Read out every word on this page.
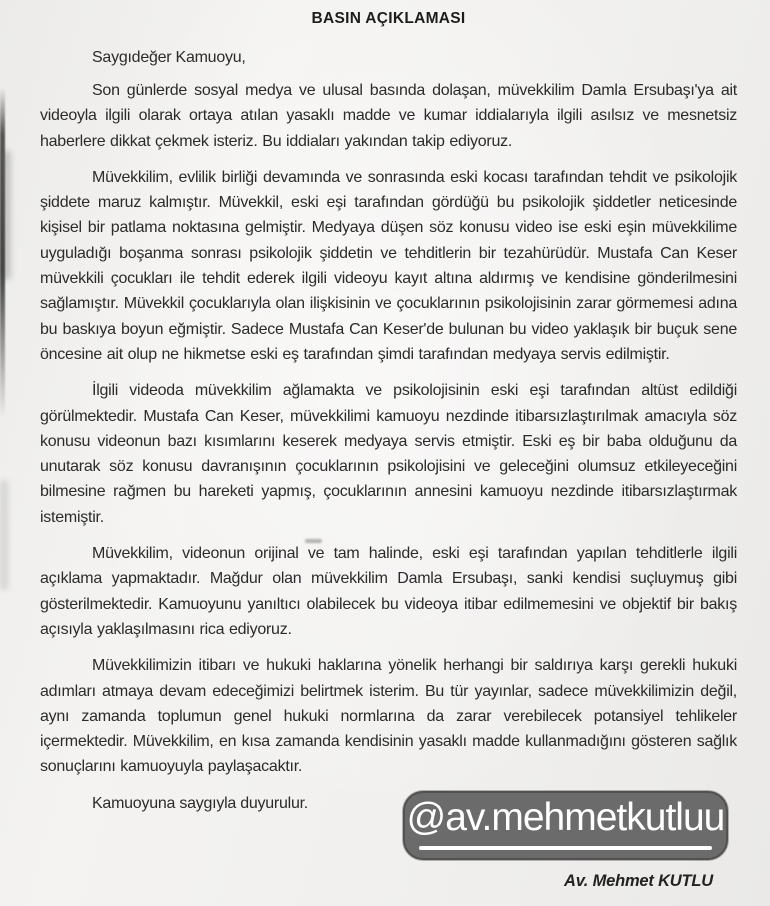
BASIN AÇIKLAMASI
Saygıdeğer Kamuoyu,

Son günlerde sosyal medya ve ulusal basında dolaşan, müvekkilim Damla Ersubaşı'ya ait videoyla ilgili olarak ortaya atılan yasaklı madde ve kumar iddialarıyla ilgili asılsız ve mesnetsiz haberlere dikkat çekmek isteriz. Bu iddiaları yakından takip ediyoruz.

Müvekkilim, evlilik birliği devamında ve sonrasında eski kocası tarafından tehdit ve psikolojik şiddete maruz kalmıştır. Müvekkil, eski eşi tarafından gördüğü bu psikolojik şiddetler neticesinde kişisel bir patlama noktasına gelmiştir. Medyaya düşen söz konusu video ise eski eşin müvekkilime uyguladığı boşanma sonrası psikolojik şiddetin ve tehditlerin bir tezahürüdür. Mustafa Can Keser müvekkili çocukları ile tehdit ederek ilgili videoyu kayıt altına aldırmış ve kendisine gönderilmesini sağlamıştır. Müvekkil çocuklarıyla olan ilişkisinin ve çocuklarının psikolojisinin zarar görmemesi adına bu baskıya boyun eğmiştir. Sadece Mustafa Can Keser'de bulunan bu video yaklaşık bir buçuk sene öncesine ait olup ne hikmetse eski eş tarafından şimdi tarafından medyaya servis edilmiştir.

İlgili videoda müvekkilim ağlamakta ve psikolojisinin eski eşi tarafından altüst edildiği görülmektedir. Mustafa Can Keser, müvekkilimi kamuoyu nezdinde itibarsızlaştırılmak amacıyla söz konusu videonun bazı kısımlarını keserek medyaya servis etmiştir. Eski eş bir baba olduğunu da unutarak söz konusu davranışının çocuklarının psikolojisini ve geleceğini olumsuz etkileyeceğini bilmesine rağmen bu hareketi yapmış, çocuklarının annesini kamuoyu nezdinde itibarsızlaştırmak istemiştir.

Müvekkilim, videonun orijinal ve tam halinde, eski eşi tarafından yapılan tehditlerle ilgili açıklama yapmaktadır. Mağdur olan müvekkilim Damla Ersubaşı, sanki kendisi suçluymuş gibi gösterilmektedir. Kamuoyunu yanıltıcı olabilecek bu videoya itibar edilmemesini ve objektif bir bakış açısıyla yaklaşılmasını rica ediyoruz.

Müvekkilimizin itibarı ve hukuki haklarına yönelik herhangi bir saldırıya karşı gerekli hukuki adımları atmaya devam edeceğimizi belirtmek isterim. Bu tür yayınlar, sadece müvekkilimizin değil, aynı zamanda toplumun genel hukuki normlarına da zarar verebilecek potansiyel tehlikeler içermektedir. Müvekkilim, en kısa zamanda kendisinin yasaklı madde kullanmadığını gösteren sağlık sonuçlarını kamuoyuyla paylaşacaktır.

Kamuoyuna saygıyla duyurulur.	@av.mehmetkutluu
Av. Mehmet KUTLU
